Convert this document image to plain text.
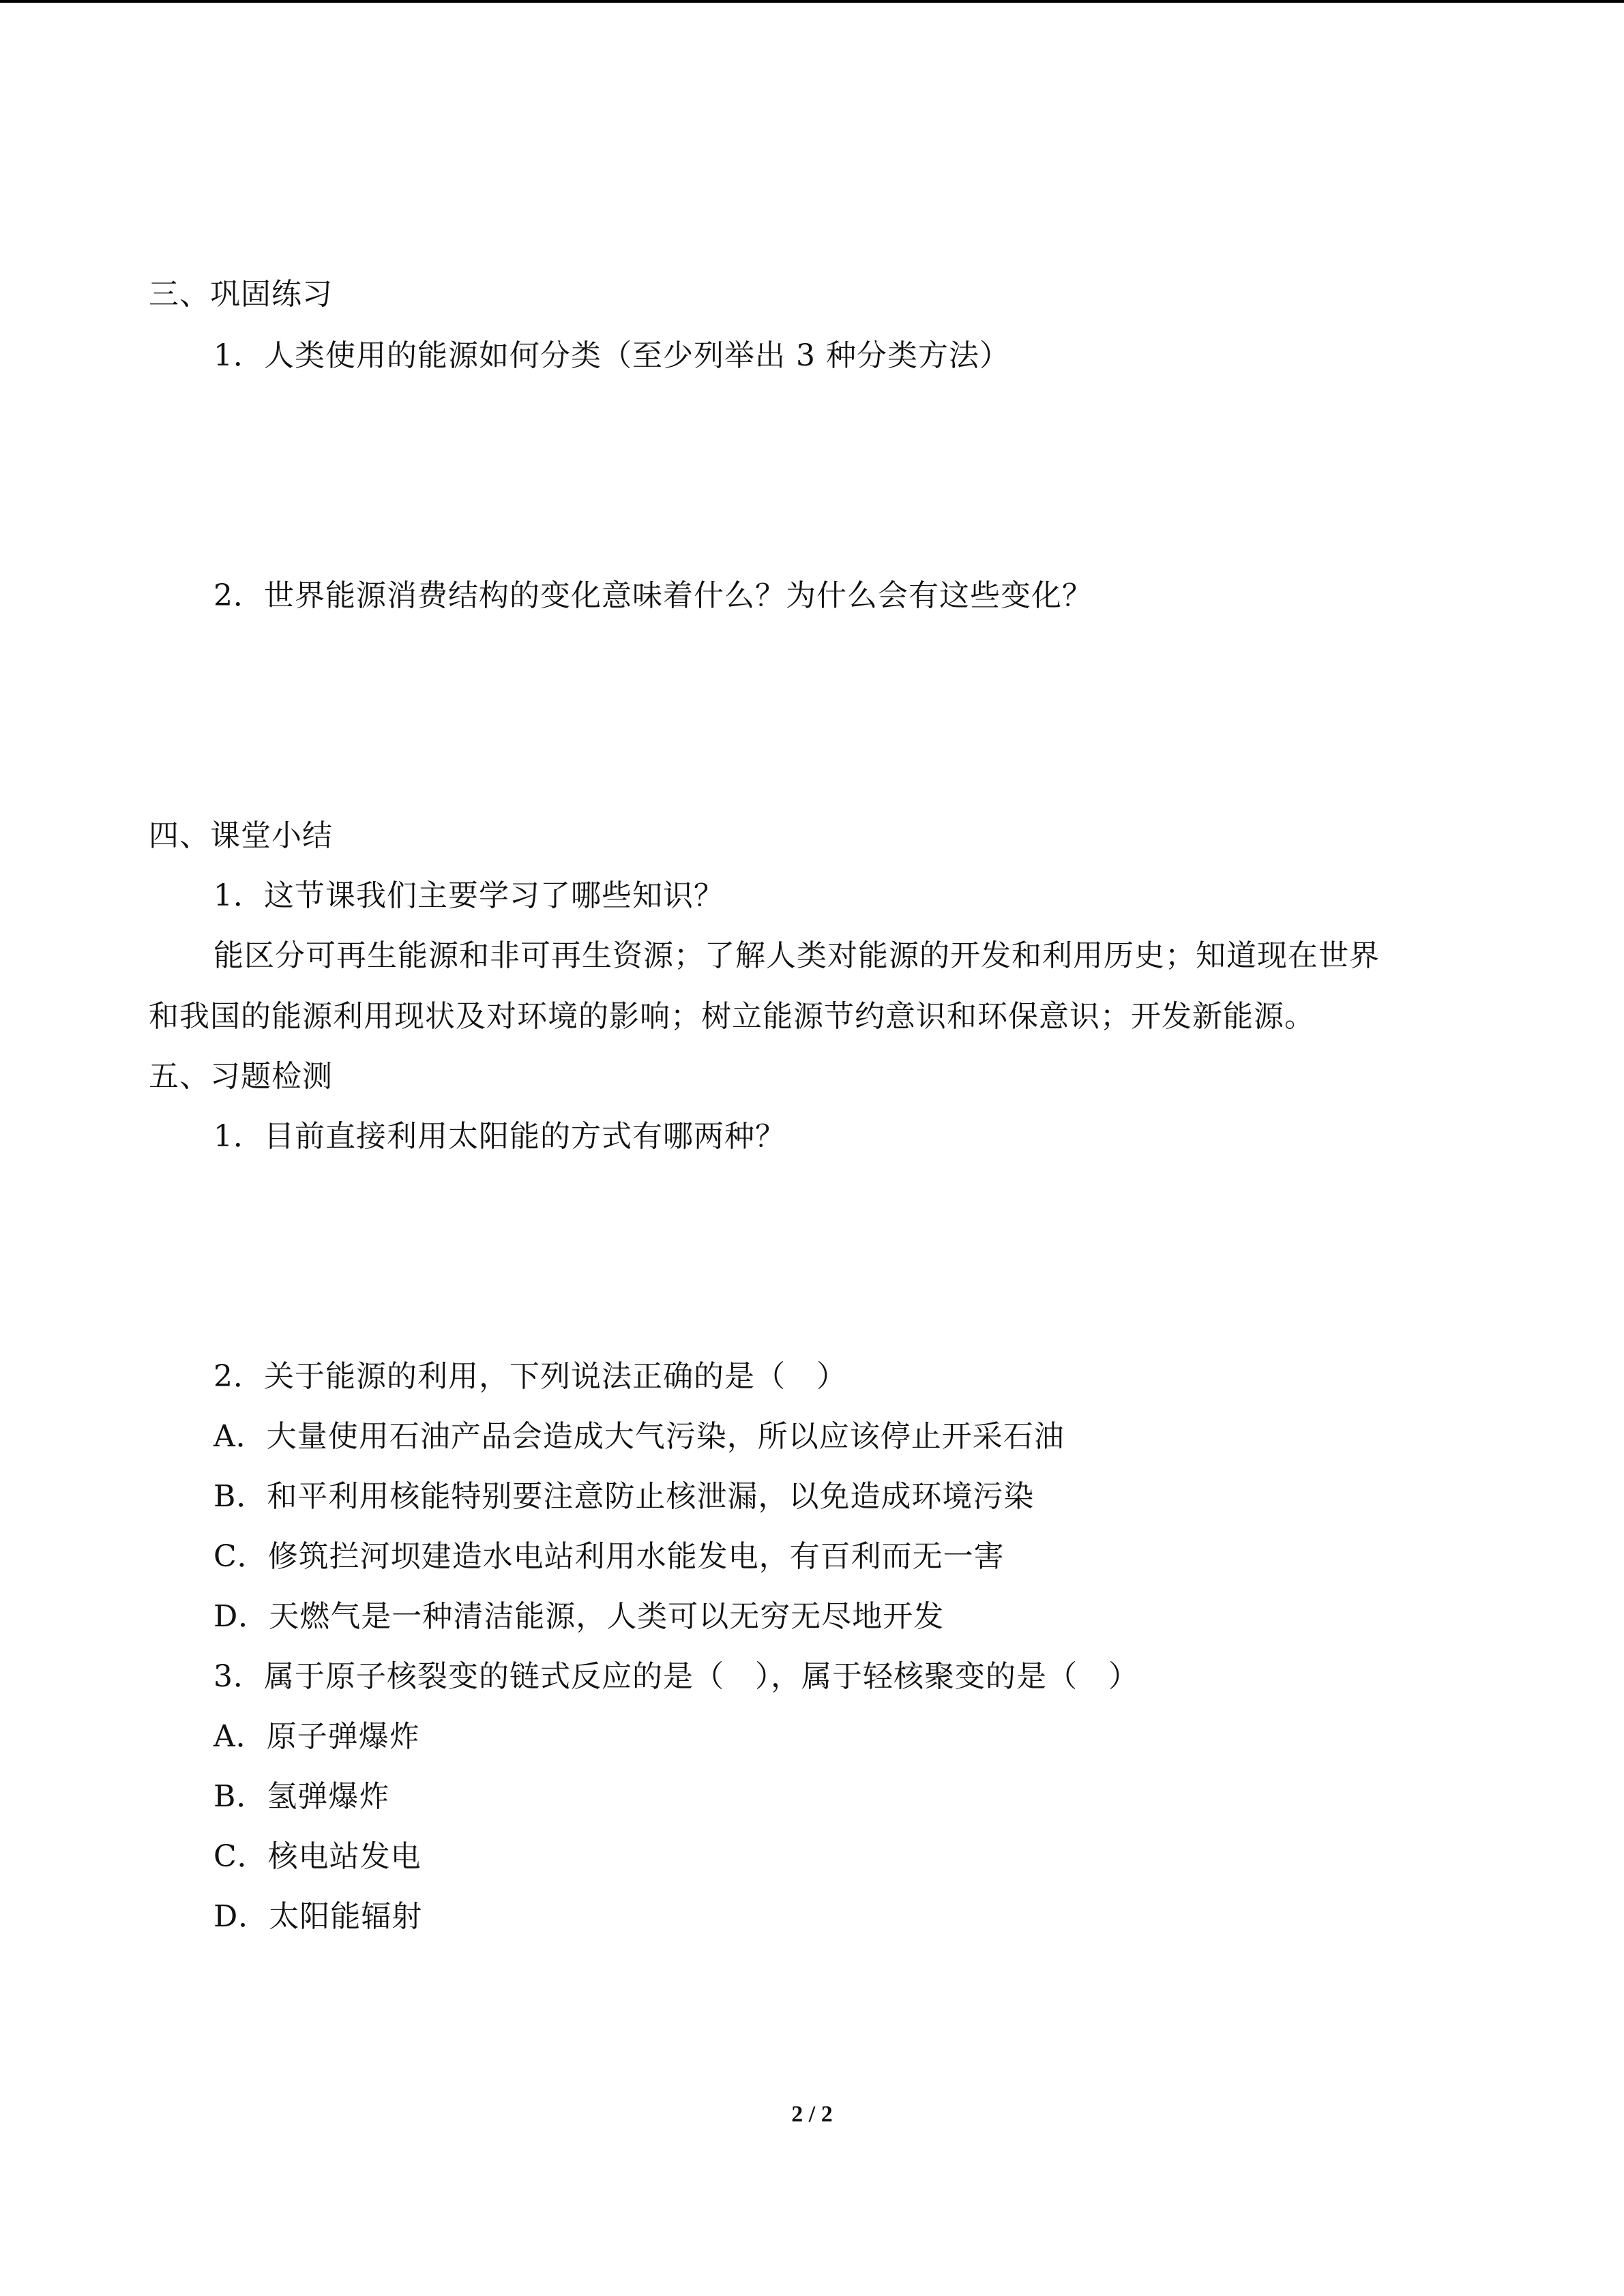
三、巩固练习
1．人类使用的能源如何分类（至少列举出 3 种分类方法）
2．世界能源消费结构的变化意味着什么？为什么会有这些变化？
四、课堂小结
1．这节课我们主要学习了哪些知识？
能区分可再生能源和非可再生资源；了解人类对能源的开发和利用历史；知道现在世界
和我国的能源利用现状及对环境的影响；树立能源节约意识和环保意识；开发新能源。
五、习题检测
1．目前直接利用太阳能的方式有哪两种？
2．关于能源的利用，下列说法正确的是（　）
A．大量使用石油产品会造成大气污染，所以应该停止开采石油
B．和平利用核能特别要注意防止核泄漏，以免造成环境污染
C．修筑拦河坝建造水电站利用水能发电，有百利而无一害
D．天燃气是一种清洁能源，人类可以无穷无尽地开发
3．属于原子核裂变的链式反应的是（　），属于轻核聚变的是（　）
A．原子弹爆炸
B．氢弹爆炸
C．核电站发电
D．太阳能辐射
2 / 2
